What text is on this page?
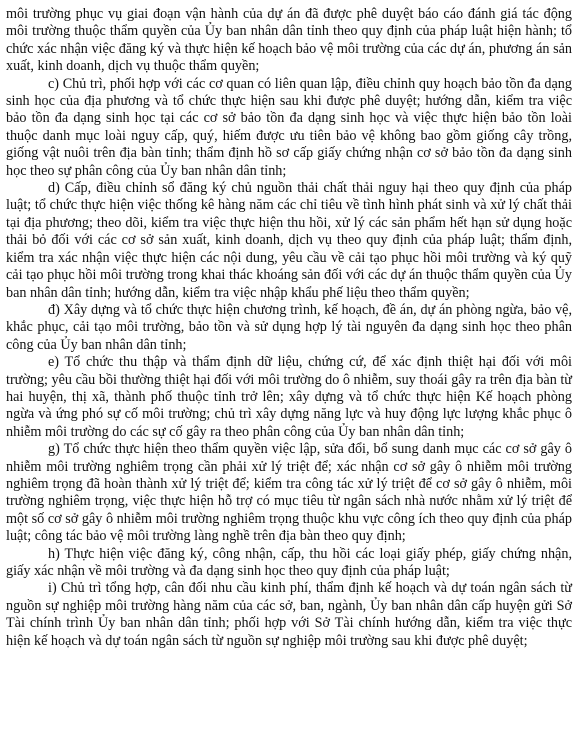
môi trường phục vụ giai đoạn vận hành của dự án đã được phê duyệt báo cáo đánh giá tác động môi trường thuộc thẩm quyền của Ủy ban nhân dân tỉnh theo quy định của pháp luật hiện hành; tổ chức xác nhận việc đăng ký và thực hiện kế hoạch bảo vệ môi trường của các dự án, phương án sản xuất, kinh doanh, dịch vụ thuộc thẩm quyền;

c) Chủ trì, phối hợp với các cơ quan có liên quan lập, điều chỉnh quy hoạch bảo tồn đa dạng sinh học của địa phương và tổ chức thực hiện sau khi được phê duyệt; hướng dẫn, kiểm tra việc bảo tồn đa dạng sinh học tại các cơ sở bảo tồn đa dạng sinh học và việc thực hiện bảo tồn loài thuộc danh mục loài nguy cấp, quý, hiếm được ưu tiên bảo vệ không bao gồm giống cây trồng, giống vật nuôi trên địa bàn tỉnh; thẩm định hồ sơ cấp giấy chứng nhận cơ sở bảo tồn đa dạng sinh học theo sự phân công của Ủy ban nhân dân tỉnh;

d) Cấp, điều chỉnh sổ đăng ký chủ nguồn thải chất thải nguy hại theo quy định của pháp luật; tổ chức thực hiện việc thống kê hàng năm các chỉ tiêu về tình hình phát sinh và xử lý chất thải tại địa phương; theo dõi, kiểm tra việc thực hiện thu hồi, xử lý các sản phẩm hết hạn sử dụng hoặc thải bỏ đối với các cơ sở sản xuất, kinh doanh, dịch vụ theo quy định của pháp luật; thẩm định, kiểm tra xác nhận việc thực hiện các nội dung, yêu cầu về cải tạo phục hồi môi trường và ký quỹ cải tạo phục hồi môi trường trong khai thác khoáng sản đối với các dự án thuộc thẩm quyền của Ủy ban nhân dân tỉnh; hướng dẫn, kiểm tra việc nhập khẩu phế liệu theo thẩm quyền;

đ) Xây dựng và tổ chức thực hiện chương trình, kế hoạch, đề án, dự án phòng ngừa, bảo vệ, khắc phục, cải tạo môi trường, bảo tồn và sử dụng hợp lý tài nguyên đa dạng sinh học theo phân công của Ủy ban nhân dân tỉnh;

e) Tổ chức thu thập và thẩm định dữ liệu, chứng cứ, để xác định thiệt hại đối với môi trường; yêu cầu bồi thường thiệt hại đối với môi trường do ô nhiễm, suy thoái gây ra trên địa bàn từ hai huyện, thị xã, thành phố thuộc tỉnh trở lên; xây dựng và tổ chức thực hiện Kế hoạch phòng ngừa và ứng phó sự cố môi trường; chủ trì xây dựng năng lực và huy động lực lượng khắc phục ô nhiễm môi trường do các sự cố gây ra theo phân công của Ủy ban nhân dân tỉnh;

g) Tổ chức thực hiện theo thẩm quyền việc lập, sửa đổi, bổ sung danh mục các cơ sở gây ô nhiễm môi trường nghiêm trọng cần phải xử lý triệt để; xác nhận cơ sở gây ô nhiễm môi trường nghiêm trọng đã hoàn thành xử lý triệt để; kiểm tra công tác xử lý triệt để cơ sở gây ô nhiễm, môi trường nghiêm trọng, việc thực hiện hỗ trợ có mục tiêu từ ngân sách nhà nước nhằm xử lý triệt để một số cơ sở gây ô nhiễm môi trường nghiêm trọng thuộc khu vực công ích theo quy định của pháp luật; công tác bảo vệ môi trường làng nghề trên địa bàn theo quy định;

h) Thực hiện việc đăng ký, công nhận, cấp, thu hồi các loại giấy phép, giấy chứng nhận, giấy xác nhận về môi trường và đa dạng sinh học theo quy định của pháp luật;

i) Chủ trì tổng hợp, cân đối nhu cầu kinh phí, thẩm định kế hoạch và dự toán ngân sách từ nguồn sự nghiệp môi trường hàng năm của các sở, ban, ngành, Ủy ban nhân dân cấp huyện gửi Sở Tài chính trình Ủy ban nhân dân tỉnh; phối hợp với Sở Tài chính hướng dẫn, kiểm tra việc thực hiện kế hoạch và dự toán ngân sách từ nguồn sự nghiệp môi trường sau khi được phê duyệt;
